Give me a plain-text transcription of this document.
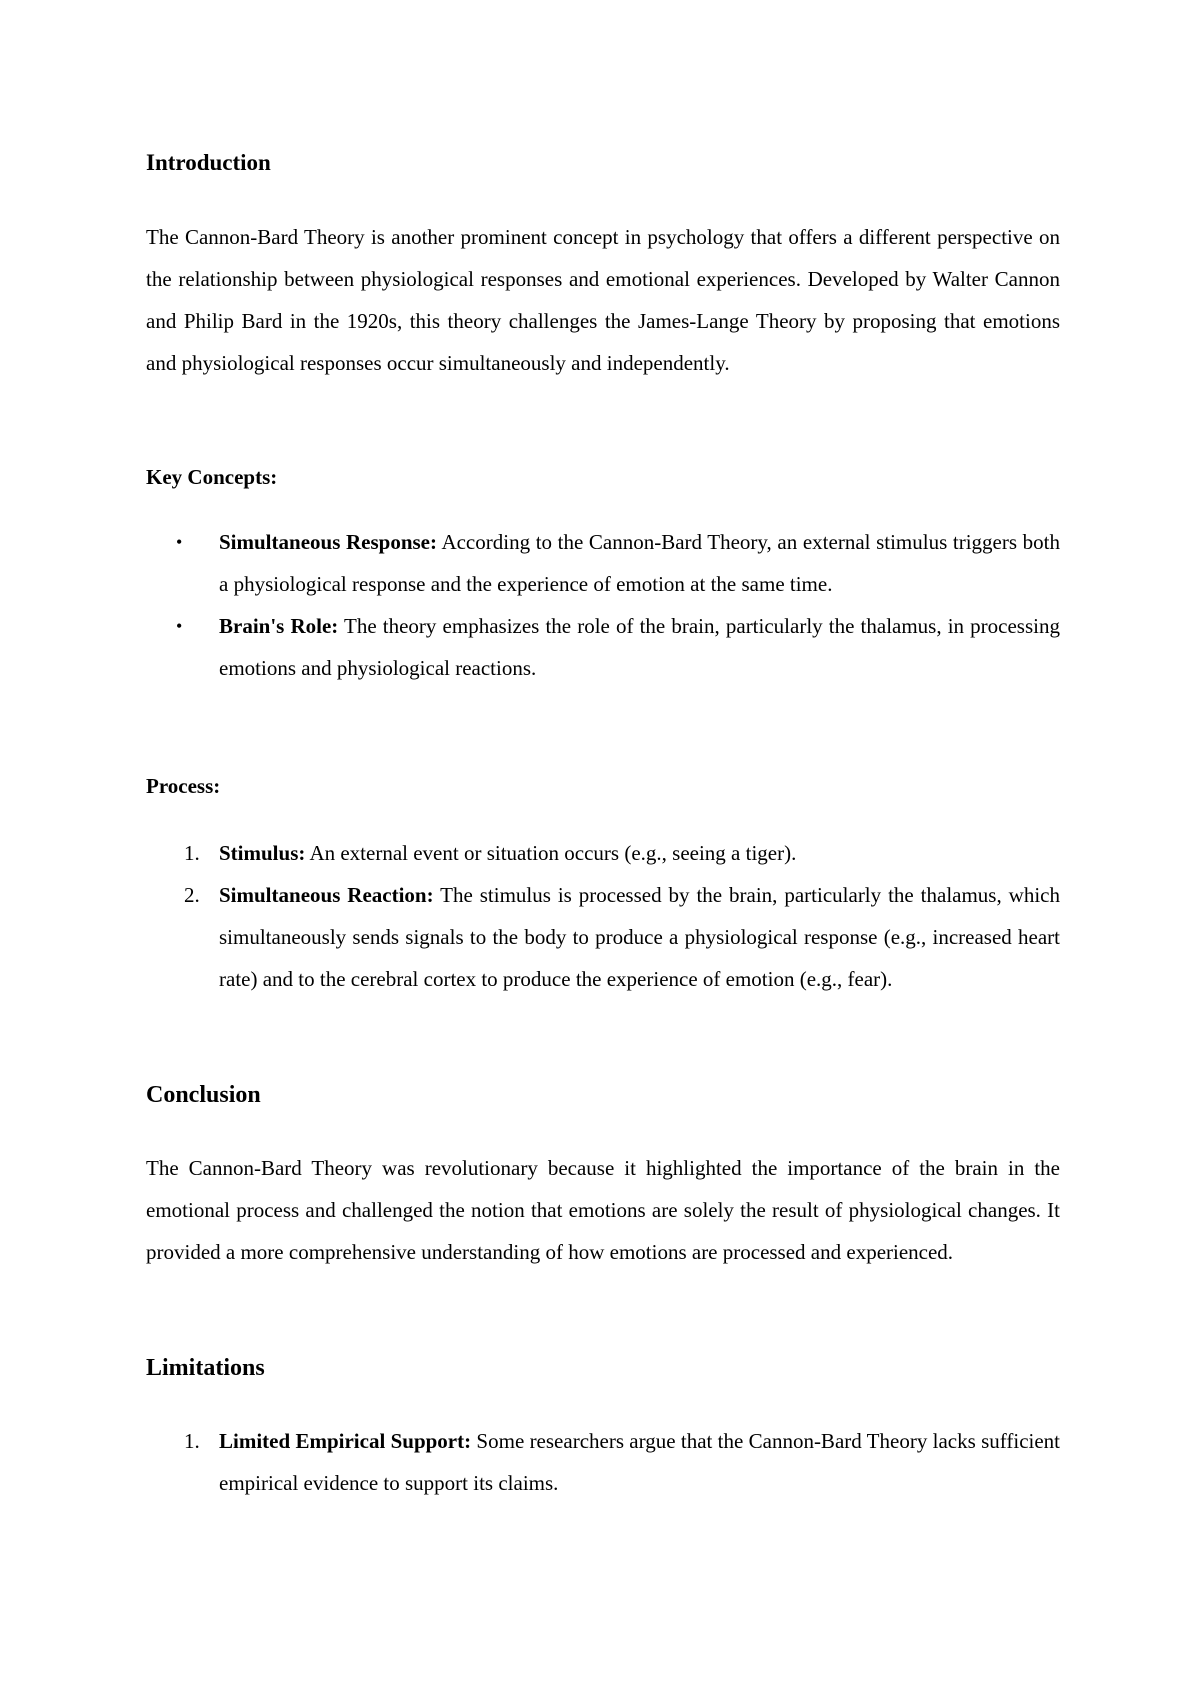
Introduction

The Cannon-Bard Theory is another prominent concept in psychology that offers a different perspective on the relationship between physiological responses and emotional experiences. Developed by Walter Cannon and Philip Bard in the 1920s, this theory challenges the James-Lange Theory by proposing that emotions and physiological responses occur simultaneously and independently.

Key Concepts:
•	Simultaneous Response: According to the Cannon-Bard Theory, an external stimulus triggers both a physiological response and the experience of emotion at the same time.
•	Brain's Role: The theory emphasizes the role of the brain, particularly the thalamus, in processing emotions and physiological reactions.
Process:
1. Stimulus: An external event or situation occurs (e.g., seeing a tiger).
2. Simultaneous Reaction: The stimulus is processed by the brain, particularly the thalamus, which simultaneously sends signals to the body to produce a physiological response (e.g., increased heart rate) and to the cerebral cortex to produce the experience of emotion (e.g., fear).
Conclusion

The Cannon-Bard Theory was revolutionary because it highlighted the importance of the brain in the emotional process and challenged the notion that emotions are solely the result of physiological changes. It provided a more comprehensive understanding of how emotions are processed and experienced.

Limitations
1. Limited Empirical Support: Some researchers argue that the Cannon-Bard Theory lacks sufficient empirical evidence to support its claims.
